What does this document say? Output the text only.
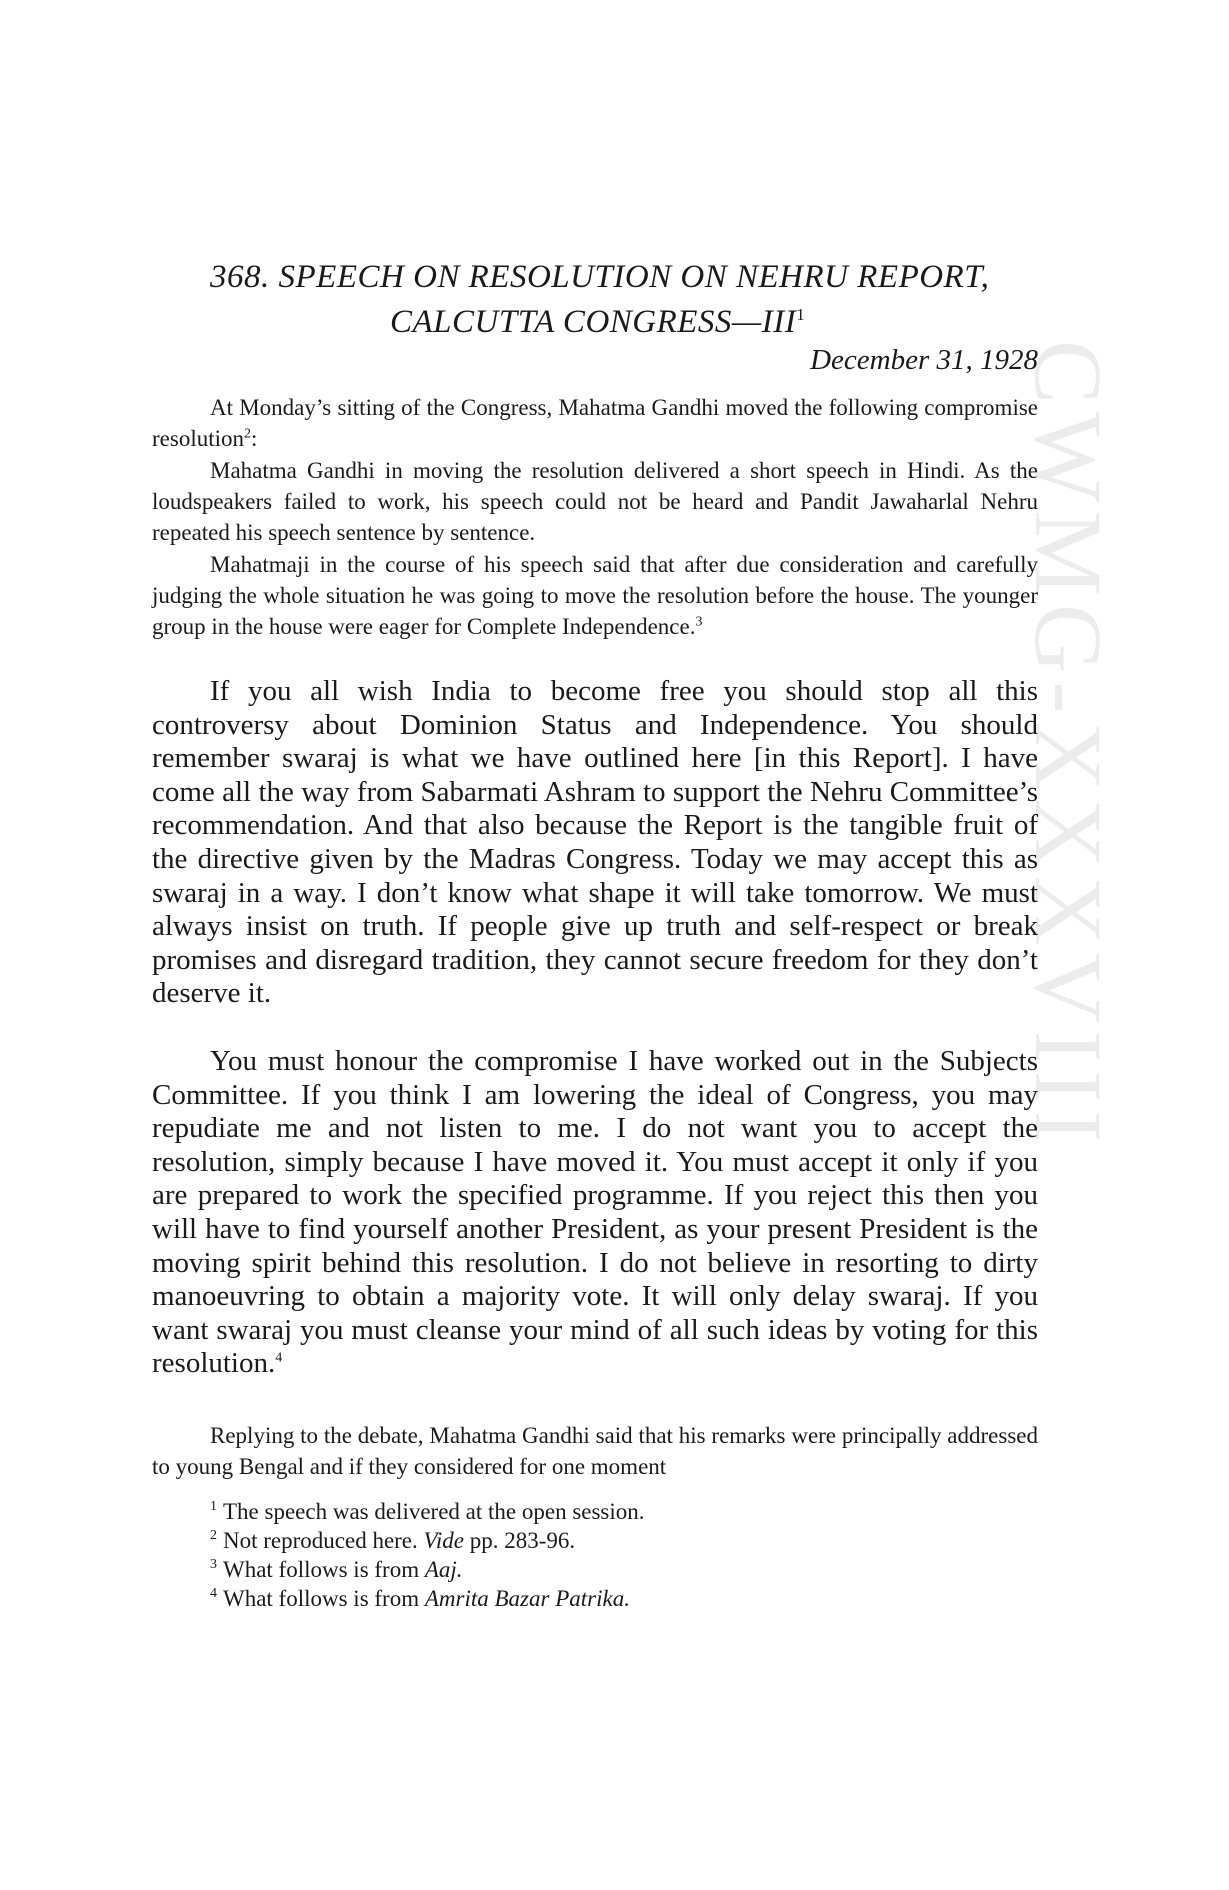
CWMG-XXXVIII
368. SPEECH ON RESOLUTION ON NEHRU REPORT,
CALCUTTA CONGRESS—III$^1$
December 31, 1928

At Monday’s sitting of the Congress, Mahatma Gandhi moved the following compromise resolution$^2$:

Mahatma Gandhi in moving the resolution delivered a short speech in Hindi. As the loudspeakers failed to work, his speech could not be heard and Pandit Jawaharlal Nehru repeated his speech sentence by sentence.

Mahatmaji in the course of his speech said that after due consideration and carefully judging the whole situation he was going to move the resolution before the house. The younger group in the house were eager for Complete Independence.$^3$

If you all wish India to become free you should stop all this controversy about Dominion Status and Independence. You should remember swaraj is what we have outlined here [in this Report]. I have come all the way from Sabarmati Ashram to support the Nehru Committee’s recommendation. And that also because the Report is the tangible fruit of the directive given by the Madras Congress. Today we may accept this as swaraj in a way. I don’t know what shape it will take tomorrow. We must always insist on truth. If people give up truth and self-respect or break promises and disregard tradition, they cannot secure freedom for they don’t deserve it.

You must honour the compromise I have worked out in the Subjects Committee. If you think I am lowering the ideal of Congress, you may repudiate me and not listen to me. I do not want you to accept the resolution, simply because I have moved it. You must accept it only if you are prepared to work the specified programme. If you reject this then you will have to find yourself another President, as your present President is the moving spirit behind this resolution. I do not believe in resorting to dirty manoeuvring to obtain a majority vote. It will only delay swaraj. If you want swaraj you must cleanse your mind of all such ideas by voting for this resolution.$^4$

Replying to the debate, Mahatma Gandhi said that his remarks were principally addressed to young Bengal and if they considered for one moment

$^1$ The speech was delivered at the open session.
$^2$ Not reproduced here. Vide pp. 283-96.
$^3$ What follows is from Aaj.
$^4$ What follows is from Amrita Bazar Patrika.
